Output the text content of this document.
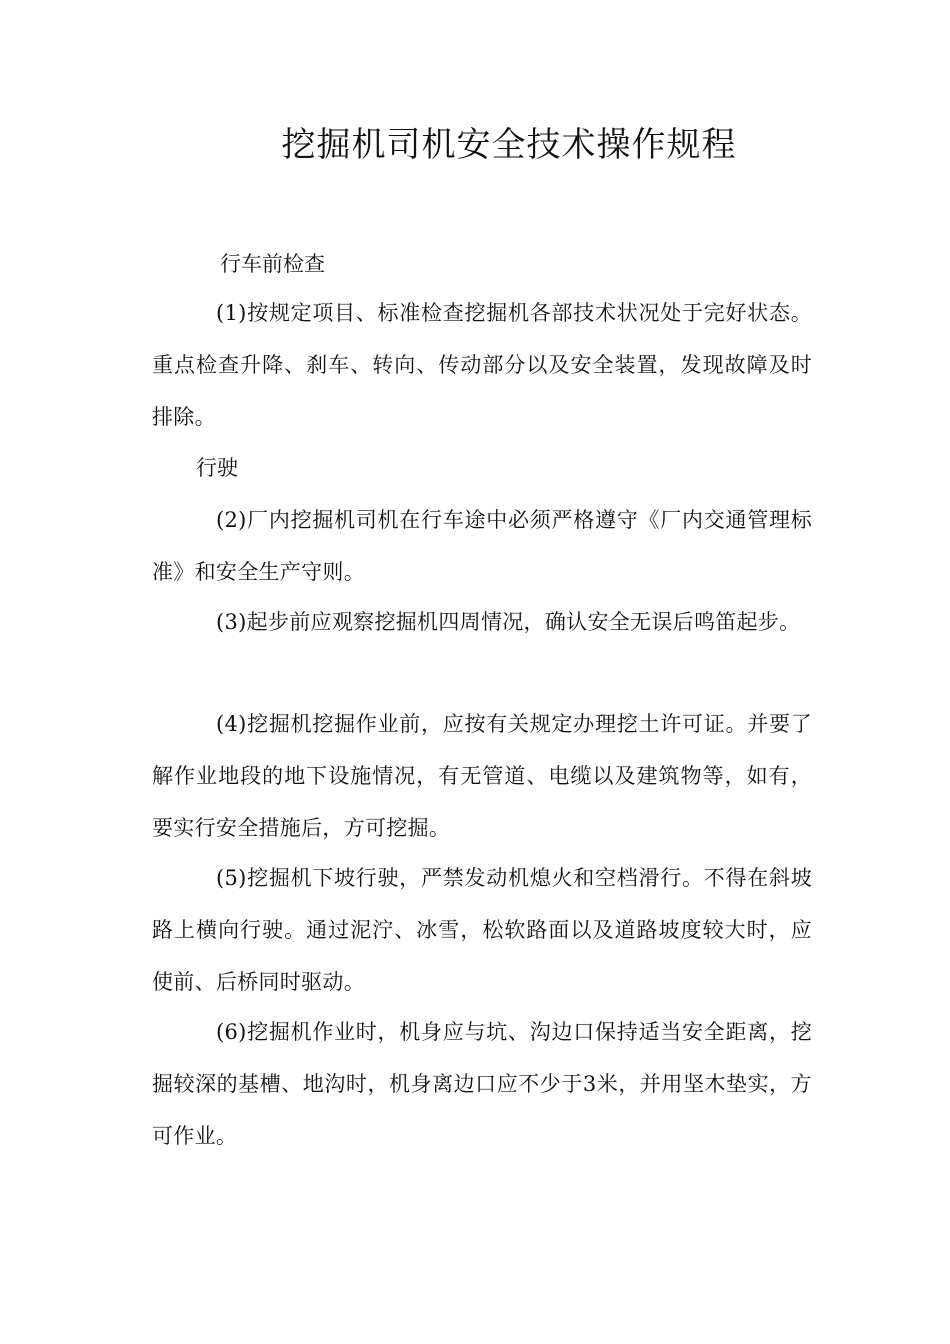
挖掘机司机安全技术操作规程
行车前检查

(1)按规定项目、标准检查挖掘机各部技术状况处于完好状态。重点检查升降、刹车、转向、传动部分以及安全装置，发现故障及时排除。

行驶

(2)厂内挖掘机司机在行车途中必须严格遵守《厂内交通管理标准》和安全生产守则。

(3)起步前应观察挖掘机四周情况，确认安全无误后鸣笛起步。

(4)挖掘机挖掘作业前，应按有关规定办理挖土许可证。并要了解作业地段的地下设施情况，有无管道、电缆以及建筑物等，如有，要实行安全措施后，方可挖掘。

(5)挖掘机下坡行驶，严禁发动机熄火和空档滑行。不得在斜坡路上横向行驶。通过泥泞、冰雪，松软路面以及道路坡度较大时，应使前、后桥同时驱动。

(6)挖掘机作业时，机身应与坑、沟边口保持适当安全距离，挖掘较深的基槽、地沟时，机身离边口应不少于3米，并用坚木垫实，方可作业。
